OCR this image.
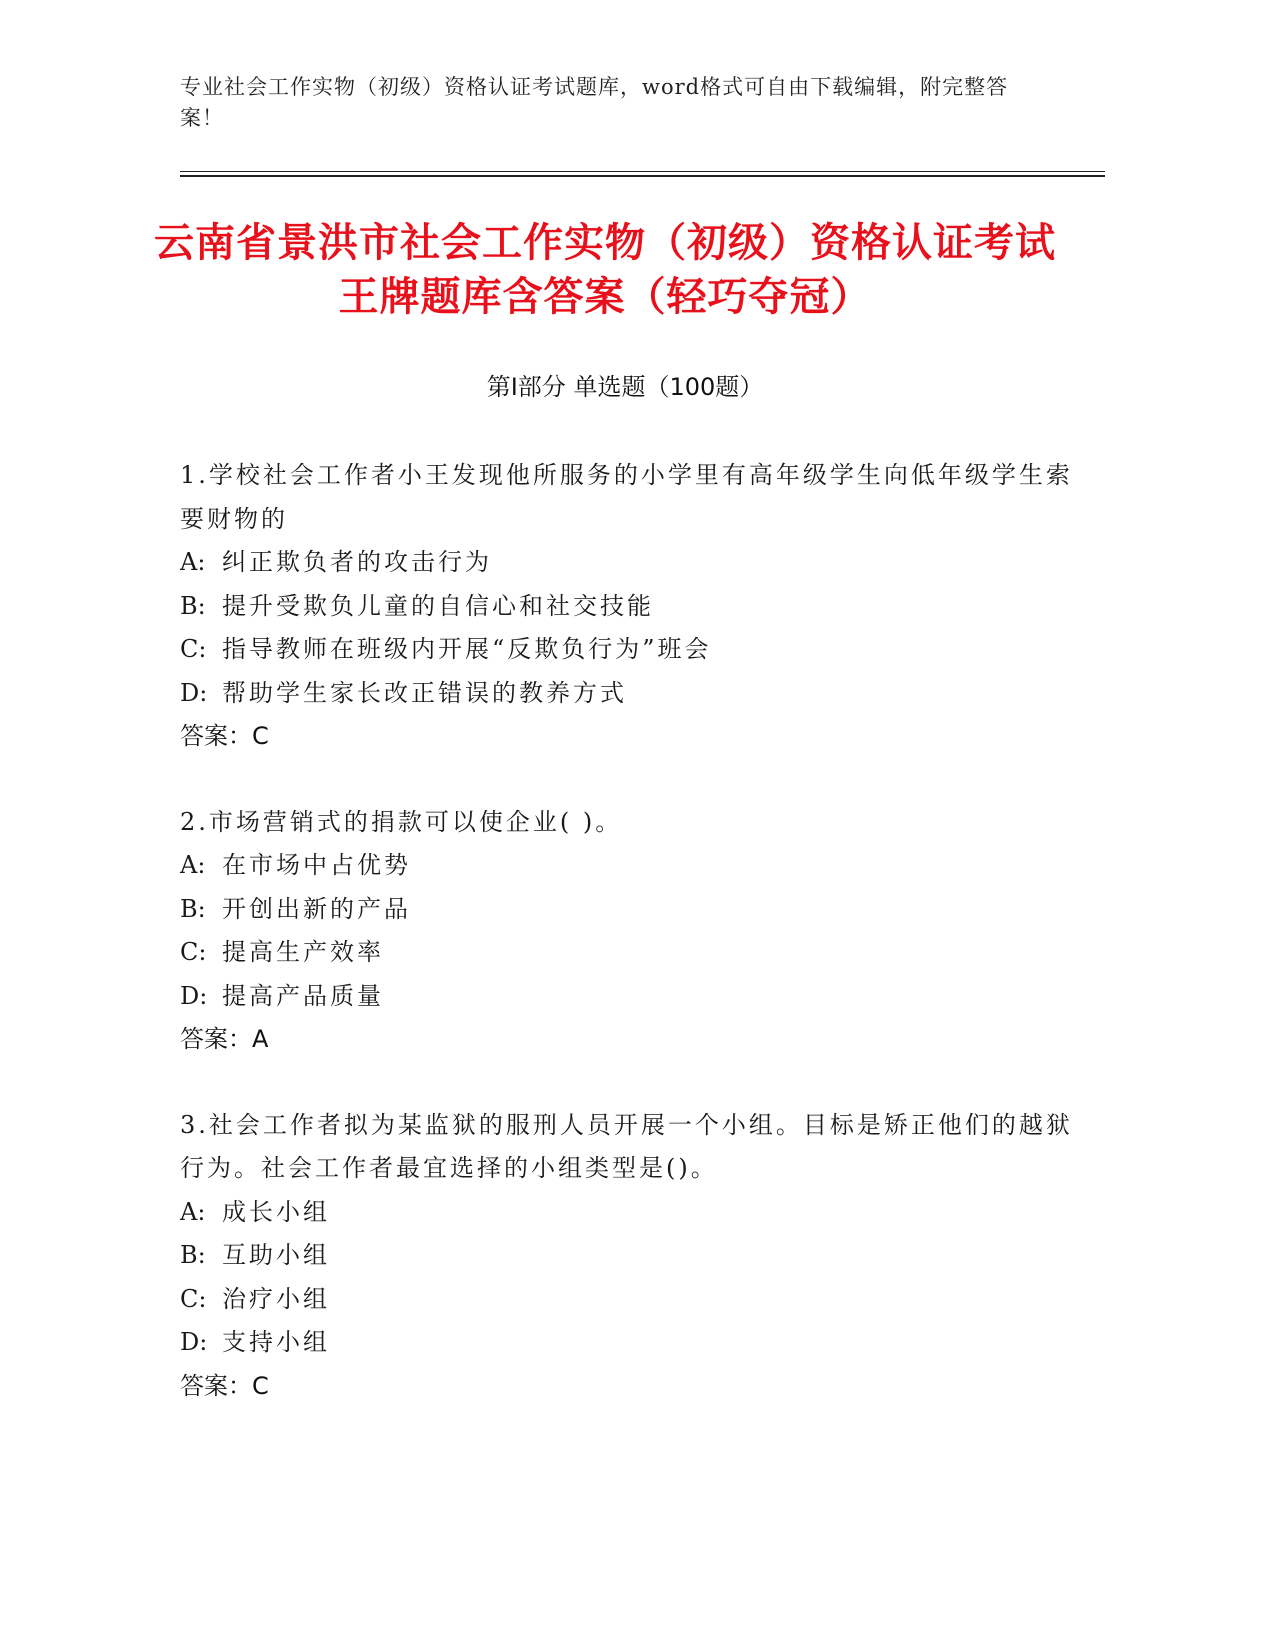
专业社会工作实物（初级）资格认证考试题库，word格式可自由下载编辑，附完整答案！
云南省景洪市社会工作实物（初级）资格认证考试王牌题库含答案（轻巧夺冠）
第Ⅰ部分 单选题（100题）
1.学校社会工作者小王发现他所服务的小学里有高年级学生向低年级学生索要财物的
A: 纠正欺负者的攻击行为
B: 提升受欺负儿童的自信心和社交技能
C: 指导教师在班级内开展“反欺负行为”班会
D: 帮助学生家长改正错误的教养方式
答案：C
2.市场营销式的捐款可以使企业( )。
A: 在市场中占优势
B: 开创出新的产品
C: 提高生产效率
D: 提高产品质量
答案：A
3.社会工作者拟为某监狱的服刑人员开展一个小组。目标是矫正他们的越狱行为。社会工作者最宜选择的小组类型是()。
A: 成长小组
B: 互助小组
C: 治疗小组
D: 支持小组
答案：C
